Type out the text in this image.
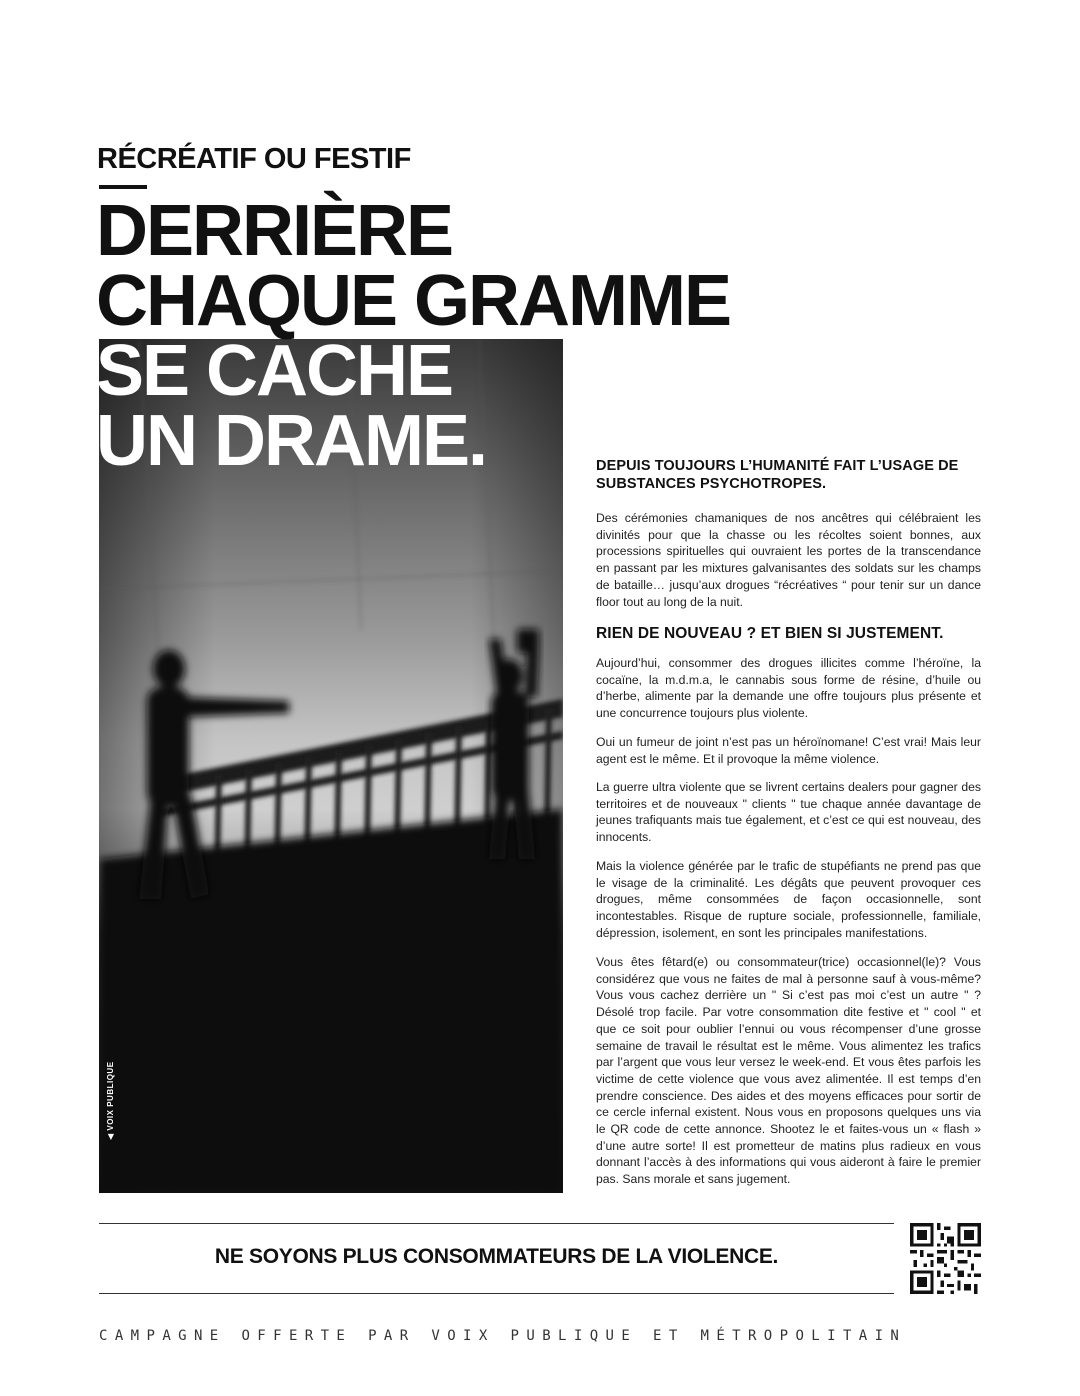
◀ VOIX PUBLIQUE
RÉCRÉATIF OU FESTIF
DERRIÈRE
CHAQUE GRAMME
SE CACHE
UN DRAME.	DEPUIS TOUJOURS L’HUMANITÉ FAIT L’USAGE DE SUBSTANCES PSYCHOTROPES.

Des cérémonies chamaniques de nos ancêtres qui célébraient les divinités pour que la chasse ou les récoltes soient bonnes, aux processions spirituelles qui ouvraient les portes de la transcendance en passant par les mixtures galvanisantes des soldats sur les champs de bataille… jusqu’aux drogues “récréatives “ pour tenir sur un dance floor tout au long de la nuit.

RIEN DE NOUVEAU ? ET BIEN SI JUSTEMENT.

Aujourd’hui, consommer des drogues illicites comme l’héroïne, la cocaïne, la m.d.m.a, le cannabis sous forme de résine, d’huile ou d’herbe, alimente par la demande une offre toujours plus présente et une concurrence toujours plus violente.

Oui un fumeur de joint n’est pas un héroïnomane! C’est vrai! Mais leur agent est le même. Et il provoque la même violence.

La guerre ultra violente que se livrent certains dealers pour gagner des territoires et de nouveaux " clients " tue chaque année davantage de jeunes trafiquants mais tue également, et c’est ce qui est nouveau, des innocents.

Mais la violence générée par le trafic de stupéfiants ne prend pas que le visage de la criminalité. Les dégâts que peuvent provoquer ces drogues, même consommées de façon occasionnelle, sont incontestables. Risque de rupture sociale, professionnelle, familiale, dépression, isolement, en sont les principales manifestations.

Vous êtes fêtard(e) ou consommateur(trice) occasionnel(le)? Vous considérez que vous ne faites de mal à personne sauf à vous-même? Vous vous cachez derrière un " Si c’est pas moi c’est un autre " ? Désolé trop facile. Par votre consommation dite festive et " cool " et que ce soit pour oublier l’ennui ou vous récompenser d’une grosse semaine de travail le résultat est le même. Vous alimentez les trafics par l’argent que vous leur versez le week-end. Et vous êtes parfois les victime de cette violence que vous avez alimentée. Il est temps d’en prendre conscience. Des aides et des moyens efficaces pour sortir de ce cercle infernal existent. Nous vous en proposons quelques uns via le QR code de cette annonce. Shootez le et faites-vous un « flash » d’une autre sorte! Il est prometteur de matins plus radieux en vous donnant l’accès à des informations qui vous aideront à faire le premier pas. Sans morale et sans jugement.

NE SOYONS PLUS CONSOMMATEURS DE LA VIOLENCE.
CAMPAGNE OFFERTE PAR VOIX PUBLIQUE ET MÉTROPOLITAIN
